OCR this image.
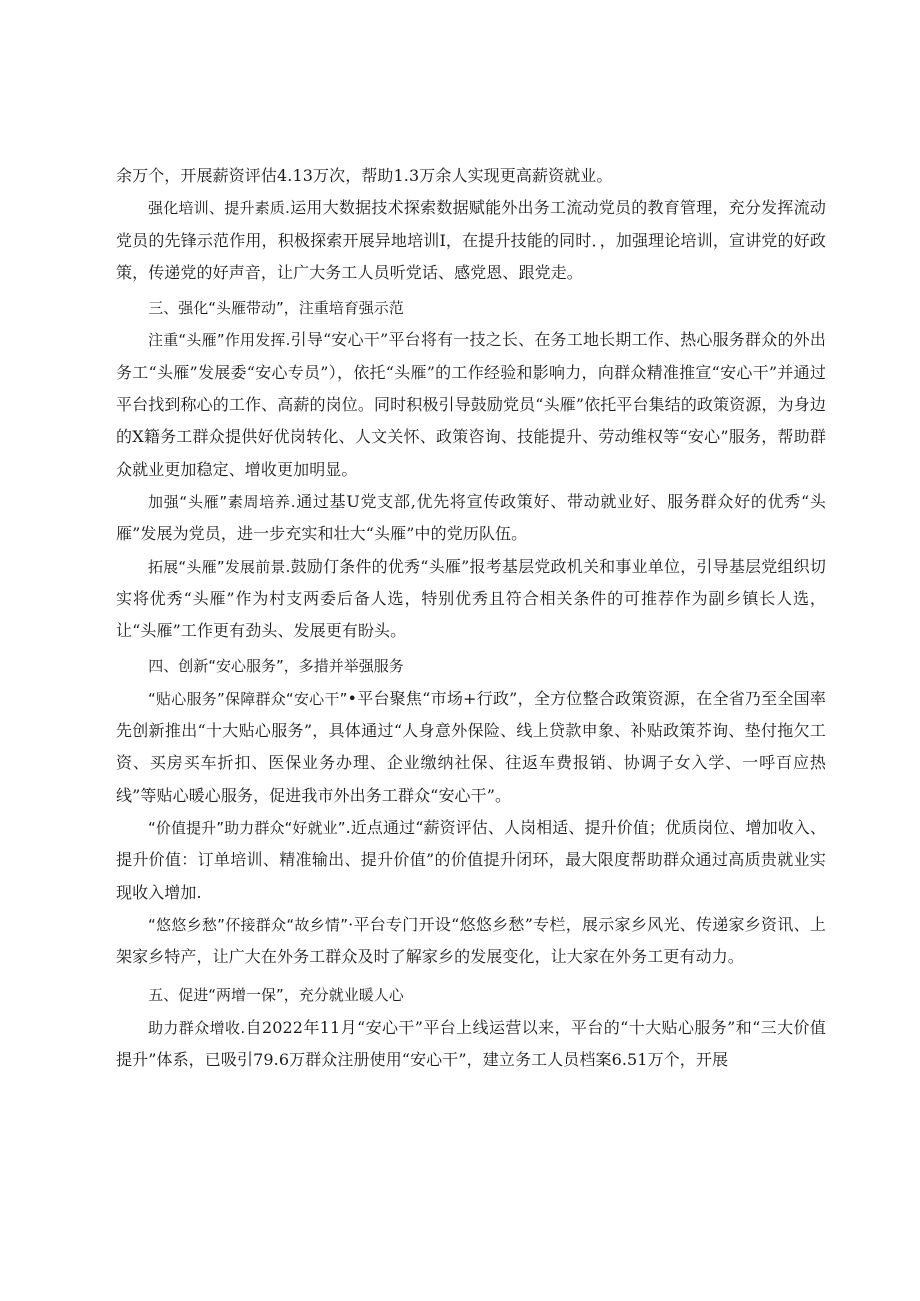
余万个，开展薪资评估4.13万次，帮助1.3万余人实现更高薪资就业。

强化培训、提升素质.运用大数据技术探索数据赋能外出务工流动党员的教育管理，充分发挥流动党员的先锋示范作用，积极探索开展异地培训I，在提升技能的同时．，加强理论培训，宣讲党的好政策，传递党的好声音，让广大务工人员听党话、感党恩、跟党走。

三、强化“头雁带动”，注重培育强示范

注重“头雁”作用发挥.引导“安心干”平台将有一技之长、在务工地长期工作、热心服务群众的外出务工“头雁”发展委“安心专员”），依托“头雁”的工作经验和影响力，向群众精准推宣“安心干”并通过平台找到称心的工作、高薪的岗位。同时积极引导鼓励党员“头雁”依托平台集结的政策资源，为身边的X籍务工群众提供好优岗转化、人文关怀、政策咨询、技能提升、劳动维权等“安心”服务，帮助群众就业更加稳定、增收更加明显。

加强“头雁”素周培养.通过基U党支部,优先将宣传政策好、带动就业好、服务群众好的优秀“头雁”发展为党员，进一步充实和壮大“头雁”中的党历队伍。

拓展“头雁”发展前景.鼓励仃条件的优秀“头雁”报考基层党政机关和事业单位，引导基层党组织切实将优秀“头雁”作为村支两委后备人选，特别优秀且符合相关条件的可推荐作为副乡镇长人选，让“头雁”工作更有劲头、发展更有盼头。

四、创新“安心服务”，多措并举强服务

“贴心服务”保障群众“安心干”•平台聚焦“市场+行政”，全方位整合政策资源，在全省乃至全国率先创新推出“十大贴心服务”，具体通过“人身意外保险、线上贷款申象、补贴政策芥询、垫付拖欠工资、买房买车折扣、医保业务办理、企业缴纳社保、往返车费报销、协调子女入学、一呼百应热线”等贴心暖心服务，促进我市外出务工群众“安心干”。

“价值提升”助力群众“好就业”.近点通过“薪资评估、人岗相适、提升价值；优质岗位、增加收入、提升价值：订单培训、精准输出、提升价值”的价值提升闭环，最大限度帮助群众通过高质贵就业实现收入增加.

“悠悠乡愁”伓接群众“故乡情”·平台专门开设“悠悠乡愁”专栏，展示家乡风光、传递家乡资讯、上架家乡特产，让广大在外务工群众及时了解家乡的发展变化，让大家在外务工更有动力。

五、促进“两增一保”，充分就业暖人心

助力群众增收.自2022年11月“安心干”平台上线运营以来，平台的“十大贴心服务”和“三大价值提升”体系，已吸引79.6万群众注册使用“安心干”，建立务工人员档案6.51万个，开展
